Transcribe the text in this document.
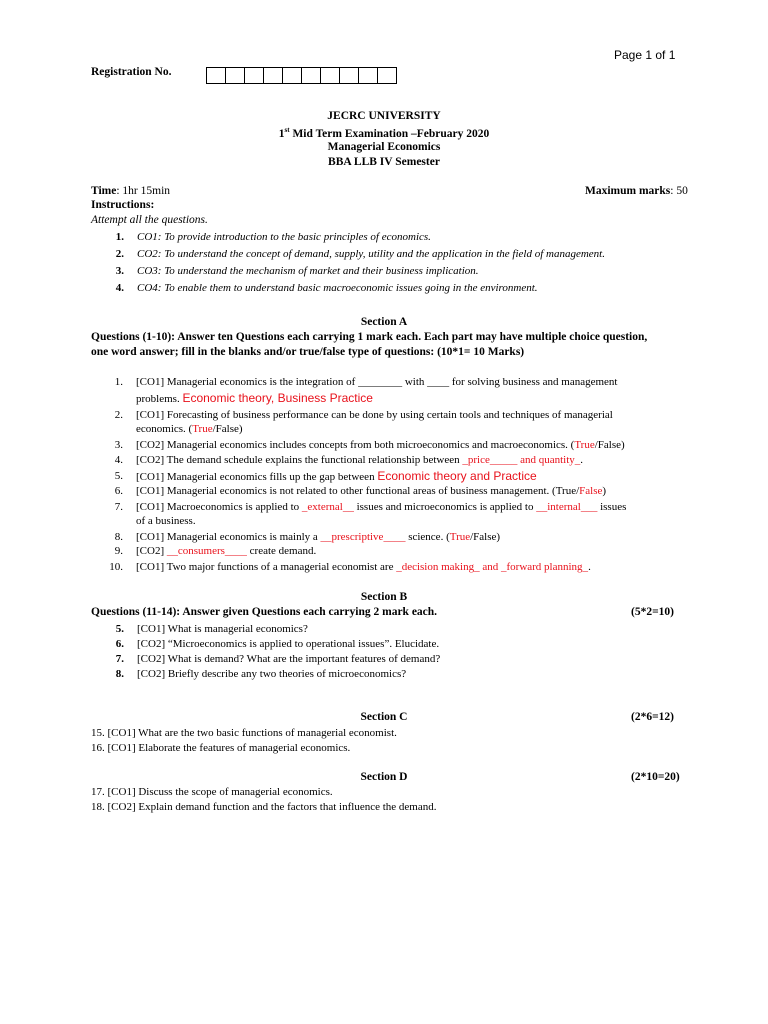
Page 1 of 1
Registration No.
JECRC UNIVERSITY
1st Mid Term Examination –February 2020
Managerial Economics
BBA LLB IV Semester
Time: 1hr 15min	Maximum marks: 50
Instructions:
Attempt all the questions.
1. CO1: To provide introduction to the basic principles of economics.
2. CO2: To understand the concept of demand, supply, utility and the application in the field of management.
3. CO3: To understand the mechanism of market and their business implication.
4. CO4: To enable them to understand basic macroeconomic issues going in the environment.
Section A
Questions (1-10): Answer ten Questions each carrying 1 mark each. Each part may have multiple choice question,
one word answer; fill in the blanks and/or true/false type of questions: (10*1= 10 Marks)
1. [CO1] Managerial economics is the integration of ________ with ____ for solving business and management
problems. Economic theory, Business Practice
2. [CO1] Forecasting of business performance can be done by using certain tools and techniques of managerial
economics. (True/False)
3. [CO2] Managerial economics includes concepts from both microeconomics and macroeconomics. (True/False)
4. [CO2] The demand schedule explains the functional relationship between _price_____ and quantity_.
5. [CO1] Managerial economics fills up the gap between Economic theory and Practice
6. [CO1] Managerial economics is not related to other functional areas of business management. (True/False)
7. [CO1] Macroeconomics is applied to _external__ issues and microeconomics is applied to __internal___ issues
of a business.
8. [CO1] Managerial economics is mainly a __prescriptive____ science. (True/False)
9. [CO2] __consumers____ create demand.
10. [CO1] Two major functions of a managerial economist are _decision making_ and _forward planning_.
Section B
Questions (11-14): Answer given Questions each carrying 2 mark each.	(5*2=10)
5. [CO1] What is managerial economics?
6. [CO2] “Microeconomics is applied to operational issues”. Elucidate.
7. [CO2] What is demand? What are the important features of demand?
8. [CO2] Briefly describe any two theories of microeconomics?
Section C	(2*6=12)
15. [CO1] What are the two basic functions of managerial economist.
16. [CO1] Elaborate the features of managerial economics.
Section D	(2*10=20)
17. [CO1] Discuss the scope of managerial economics.
18. [CO2] Explain demand function and the factors that influence the demand.
